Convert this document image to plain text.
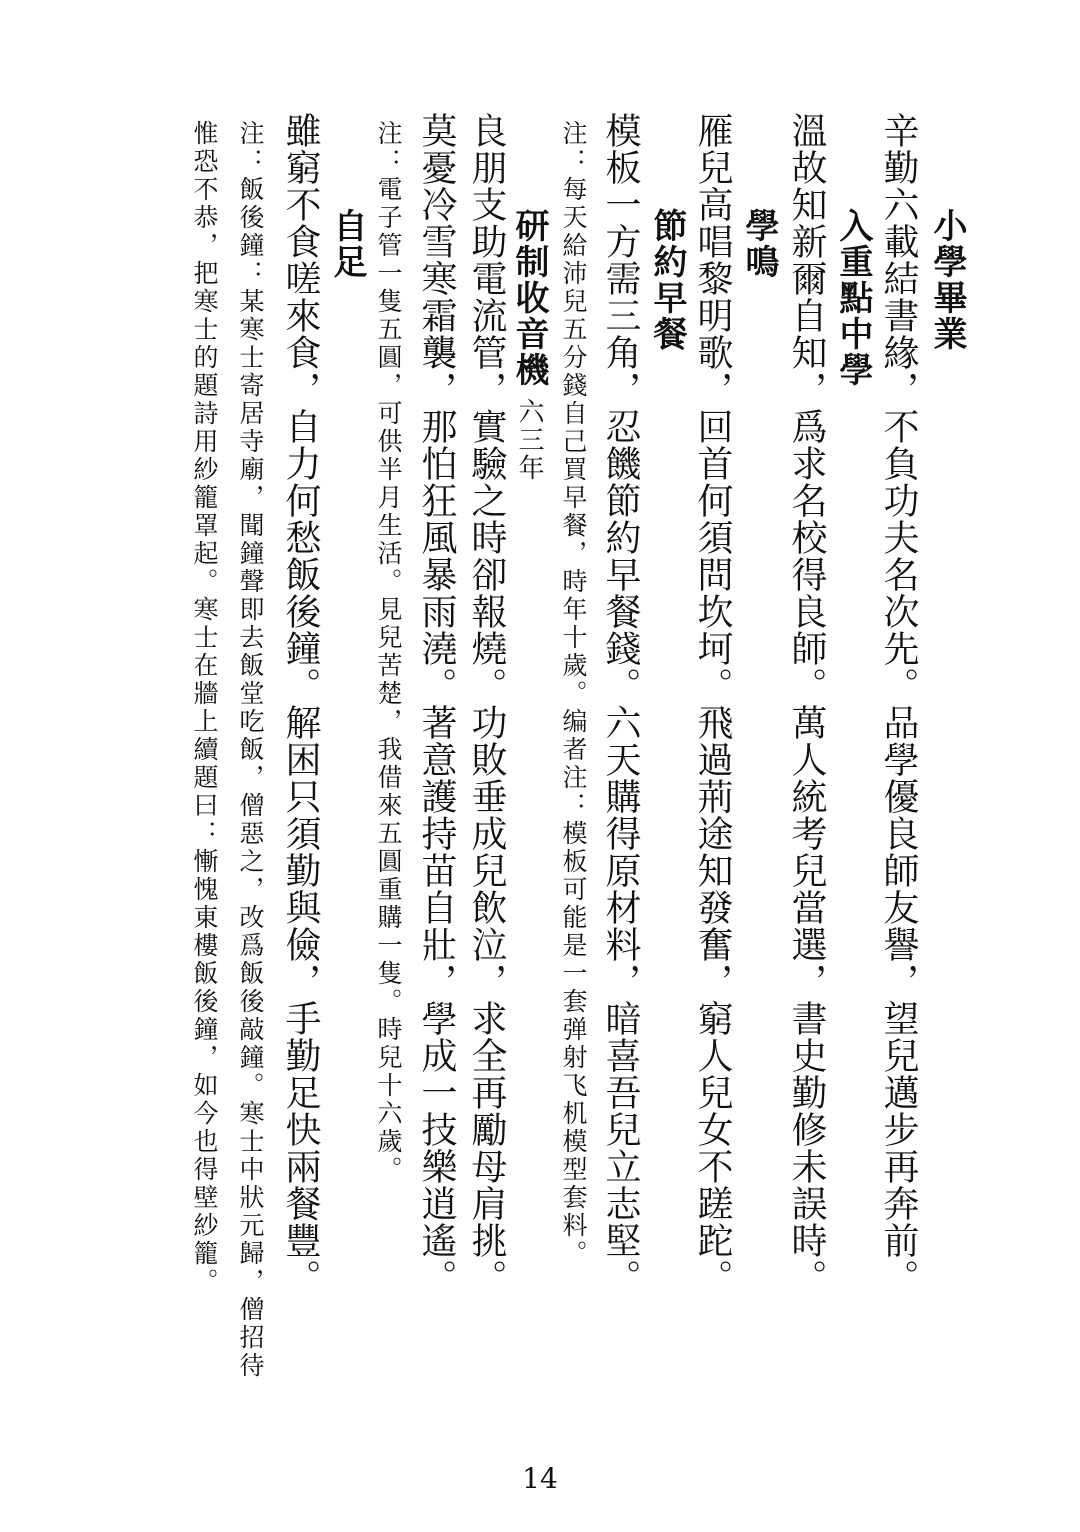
小學畢業
辛勤六載結書緣，不負功夫名次先。品學優良師友譽，望兒邁步再奔前。
入重點中學
溫故知新爾自知，爲求名校得良師。萬人統考兒當選，書史勤修未誤時。
學鳴
雁兒高唱黎明歌，回首何須問坎坷。飛過荊途知發奮，窮人兒女不蹉跎。
節約早餐
模板一方需三角，忍饑節約早餐錢。六天購得原材料，暗喜吾兒立志堅。
注：每天給沛兒五分錢自己買早餐，時年十歲。编者注：模板可能是一套弹射飞机模型套料。
研制收音機六三年
良朋支助電流管，實驗之時卻報燒。功敗垂成兒飲泣，求全再勵母肩挑。
莫憂冷雪寒霜襲，那怕狂風暴雨澆。著意護持苗自壯，學成一技樂逍遙。
注：電子管一隻五圓，可供半月生活。見兒苦楚，我借來五圓重購一隻。時兒十六歲。
自足
雖窮不食嗟來食，自力何愁飯後鐘。解困只須勤與儉，手勤足快兩餐豐。
注：飯後鐘：某寒士寄居寺廟，聞鐘聲即去飯堂吃飯，僧惡之，改爲飯後敲鐘。寒士中狀元歸，僧招待
惟恐不恭，把寒士的題詩用紗籠罩起。寒士在牆上續題曰：慚愧東樓飯後鐘，如今也得壁紗籠。
14
